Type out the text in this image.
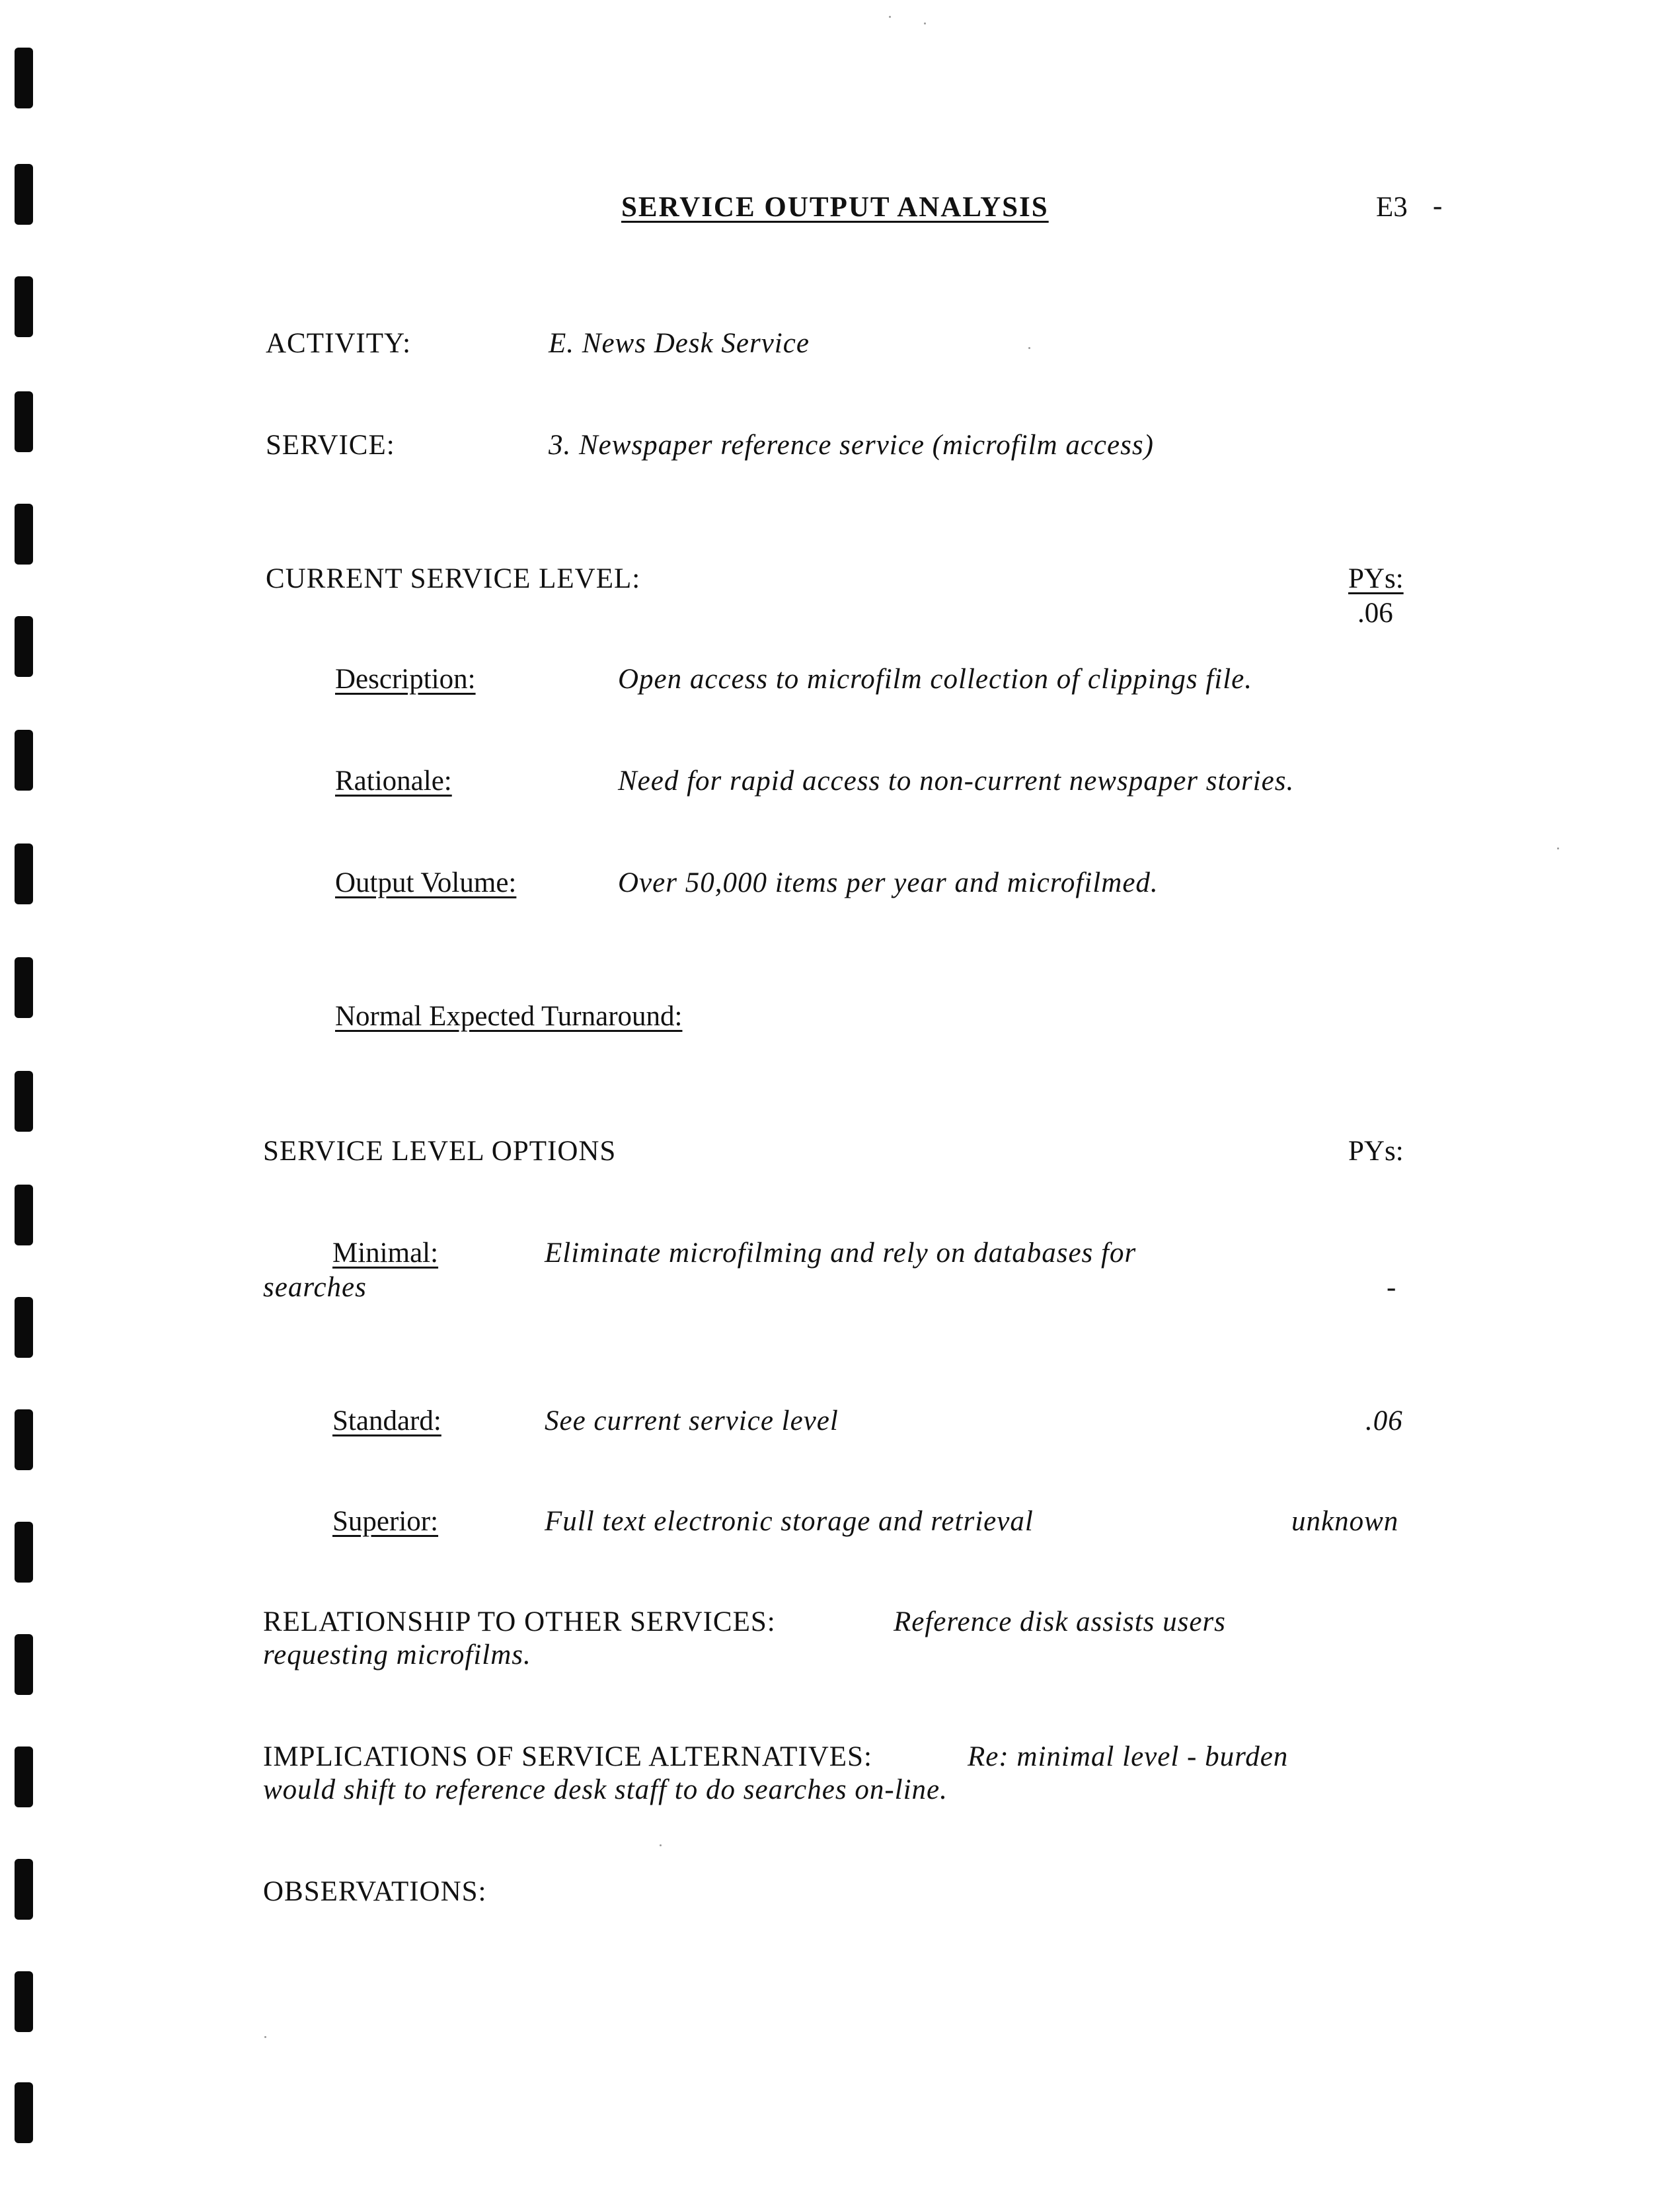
SERVICE OUTPUT ANALYSIS	E3 -
ACTIVITY:	E. News Desk Service
SERVICE:	3. Newspaper reference service (microfilm access)
CURRENT SERVICE LEVEL:	PYs:
.06
Description:	Open access to microfilm collection of clippings file.
Rationale:	Need for rapid access to non-current newspaper stories.
Output Volume:	Over 50,000 items per year and microfilmed.
Normal Expected Turnaround:
SERVICE LEVEL OPTIONS	PYs:
Minimal:	Eliminate microfilming and rely on databases for
searches	-
Standard:	See current service level	.06
Superior:	Full text electronic storage and retrieval	unknown
RELATIONSHIP TO OTHER SERVICES:	Reference disk assists users
requesting microfilms.
IMPLICATIONS OF SERVICE ALTERNATIVES:	Re: minimal level - burden
would shift to reference desk staff to do searches on-line.
OBSERVATIONS:
